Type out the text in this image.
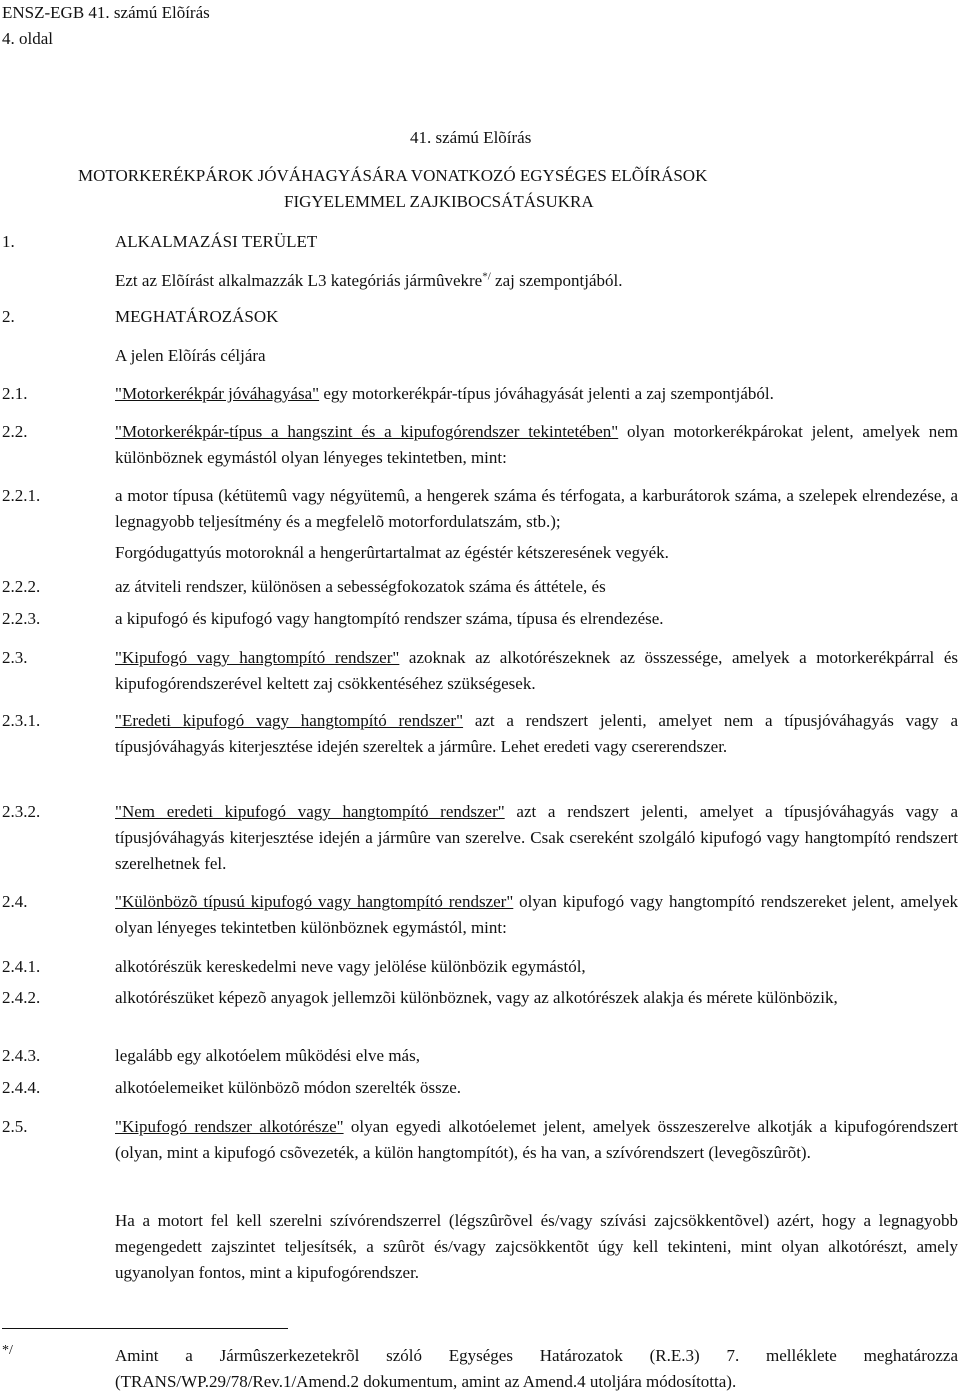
ENSZ-EGB 41. számú Elõírás
4. oldal
41. számú Elõírás
MOTORKERÉKPÁROK JÓVÁHAGYÁSÁRA VONATKOZÓ EGYSÉGES ELÕÍRÁSOK
FIGYELEMMEL ZAJKIBOCSÁTÁSUKRA
1.	ALKALMAZÁSI TERÜLET
Ezt az Elõírást alkalmazzák L3 kategóriás jármûvekre*/ zaj szempontjából.
2.	MEGHATÁROZÁSOK
A jelen Elõírás céljára
2.1.	"Motorkerékpár jóváhagyása" egy motorkerékpár-típus jóváhagyását jelenti a zaj szempontjából.
2.2.	"Motorkerékpár-típus a hangszint és a kipufogórendszer tekintetében" olyan motorkerékpárokat jelent, amelyek nem különböznek egymástól olyan lényeges tekintetben, mint:
2.2.1.	a motor típusa (kétütemû vagy négyütemû, a hengerek száma és térfogata, a karburátorok száma, a szelepek elrendezése, a legnagyobb teljesítmény és a megfelelõ motorfordulatszám, stb.);

Forgódugattyús motoroknál a hengerûrtartalmat az égéstér kétszeresének vegyék.
2.2.2.	az átviteli rendszer, különösen a sebességfokozatok száma és áttétele, és
2.2.3.	a kipufogó és kipufogó vagy hangtompító rendszer száma, típusa és elrendezése.
2.3.	"Kipufogó vagy hangtompító rendszer" azoknak az alkotórészeknek az összessége, amelyek a motorkerékpárral és kipufogórendszerével keltett zaj csökkentéséhez szükségesek.
2.3.1.	"Eredeti kipufogó vagy hangtompító rendszer" azt a rendszert jelenti, amelyet nem a típusjóváhagyás vagy a típusjóváhagyás kiterjesztése idején szereltek a jármûre. Lehet eredeti vagy csererendszer.
2.3.2.	"Nem eredeti kipufogó vagy hangtompító rendszer" azt a rendszert jelenti, amelyet a típusjóváhagyás vagy a típusjóváhagyás kiterjesztése idején a jármûre van szerelve. Csak csereként szolgáló kipufogó vagy hangtompító rendszert szerelhetnek fel.
2.4.	"Különbözõ típusú kipufogó vagy hangtompító rendszer" olyan kipufogó vagy hangtompító rendszereket jelent, amelyek olyan lényeges tekintetben különböznek egymástól, mint:
2.4.1.	alkotórészük kereskedelmi neve vagy jelölése különbözik egymástól,
2.4.2.	alkotórészüket képezõ anyagok jellemzõi különböznek, vagy az alkotórészek alakja és mérete különbözik,

2.4.3.	legalább egy alkotóelem mûködési elve más,
2.4.4.	alkotóelemeiket különbözõ módon szerelték össze.
2.5.	"Kipufogó rendszer alkotórésze" olyan egyedi alkotóelemet jelent, amelyek összeszerelve alkotják a kipufogórendszert (olyan, mint a kipufogó csõvezeték, a külön hangtompítót), és ha van, a szívórendszert (levegõszûrõt).

Ha a motort fel kell szerelni szívórendszerrel (légszûrõvel és/vagy szívási zajcsökkentõvel) azért, hogy a legnagyobb megengedett zajszintet teljesítsék, a szûrõt és/vagy zajcsökkentõt úgy kell tekinteni, mint olyan alkotórészt, amely ugyanolyan fontos, mint a kipufogórendszer.

*/	Amint a Jármûszerkezetekrõl szóló Egységes Határozatok (R.E.3) 7. melléklete meghatározza (TRANS/WP.29/78/Rev.1/Amend.2 dokumentum, amint az Amend.4 utoljára módosította).
